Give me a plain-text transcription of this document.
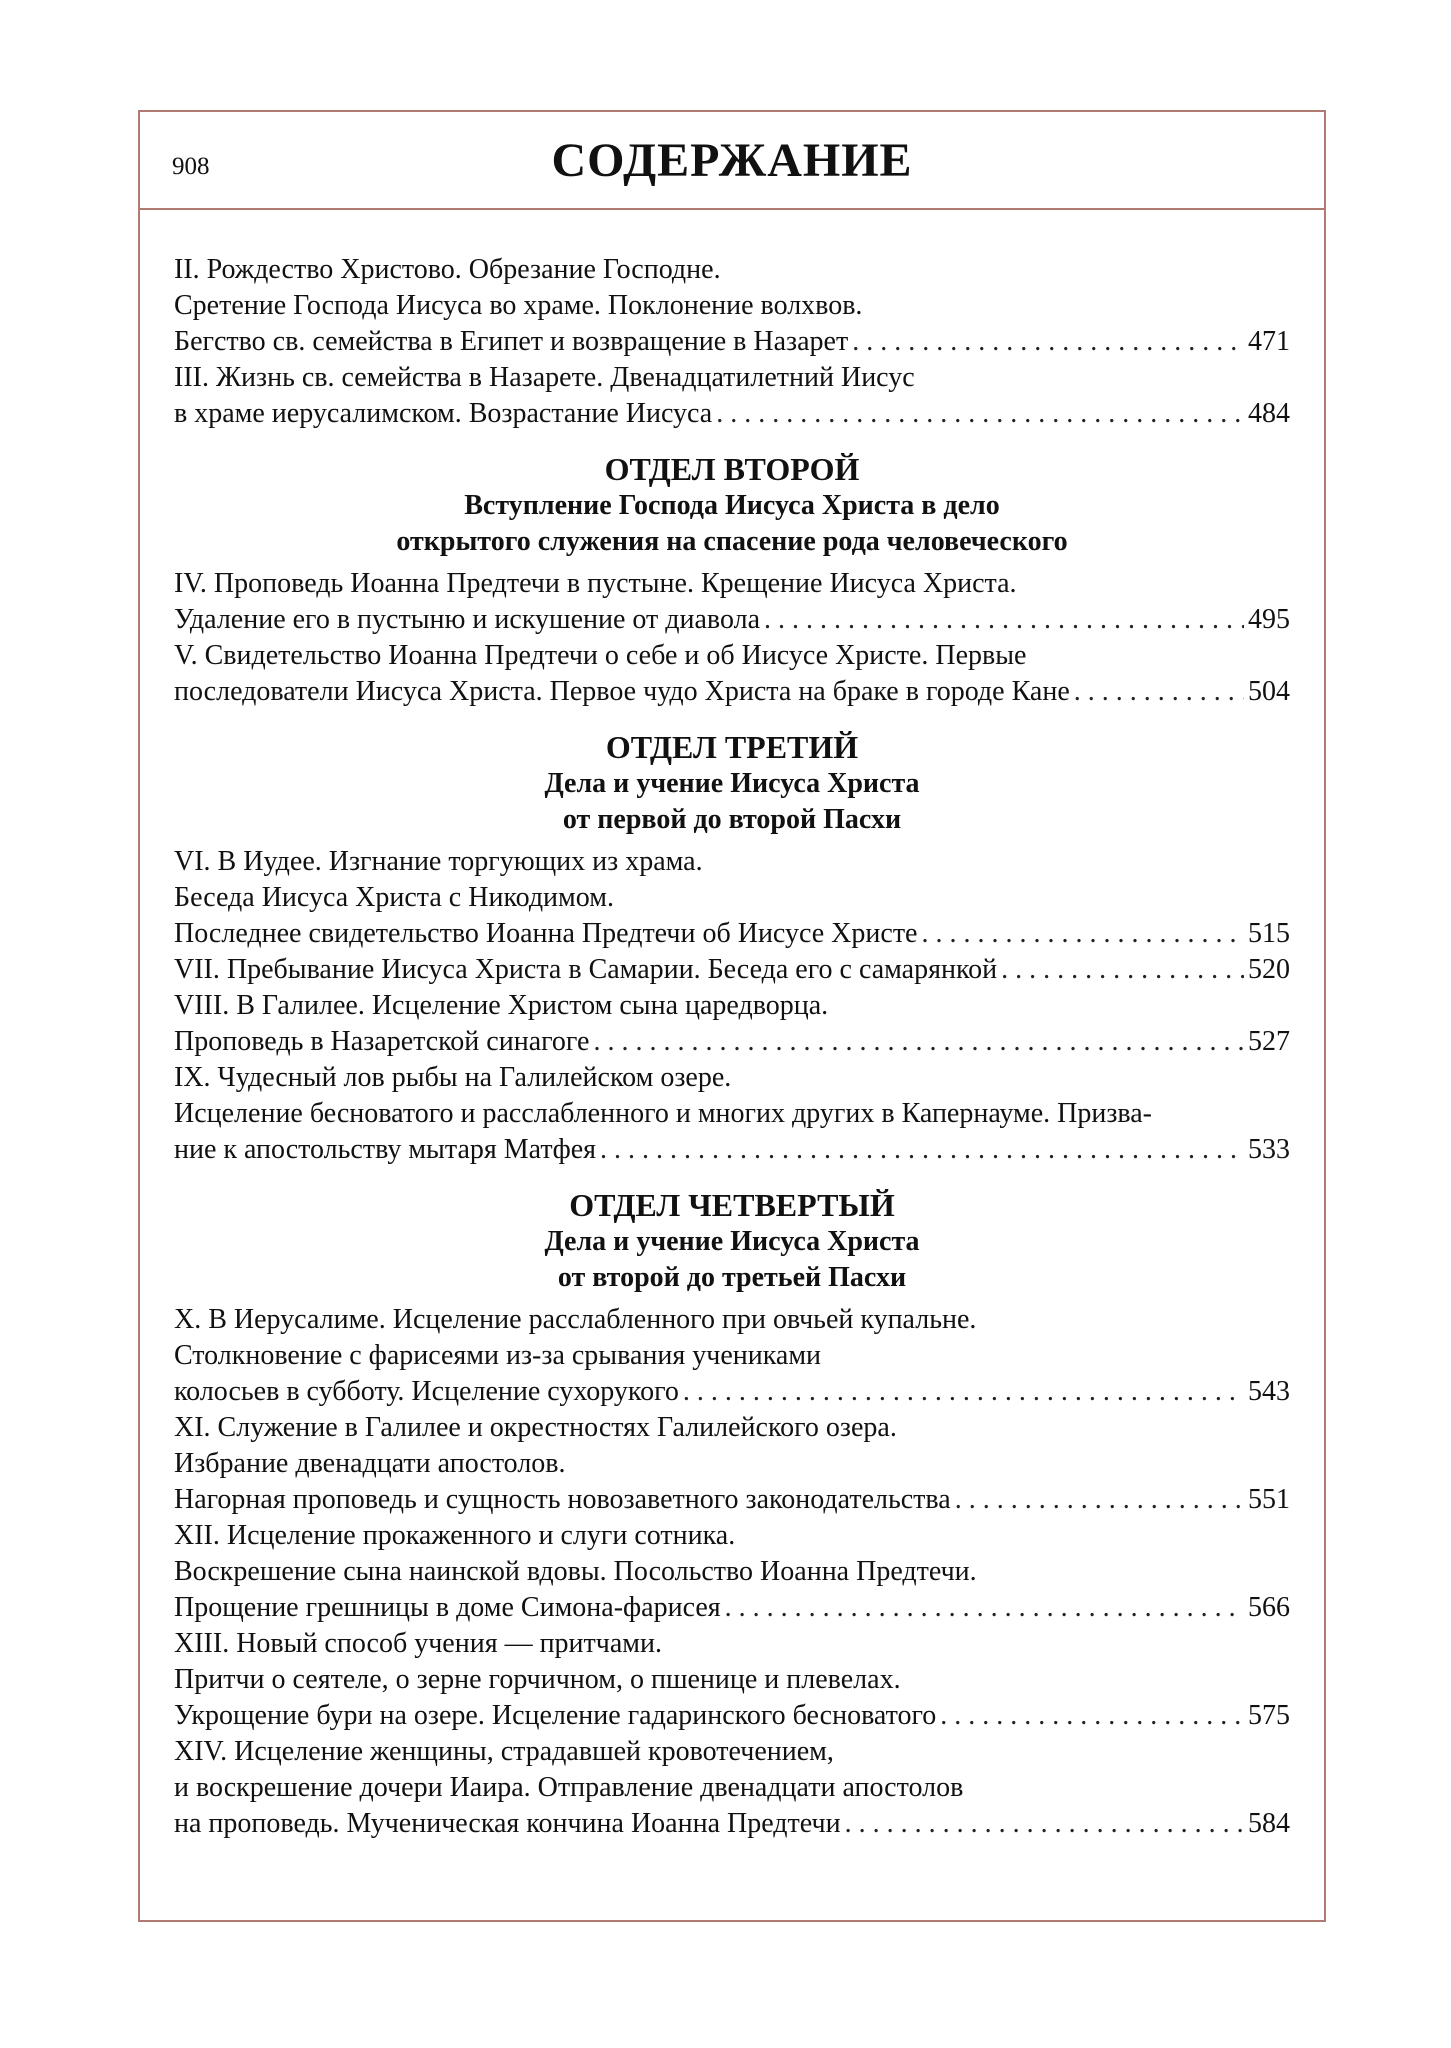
908	СОДЕРЖАНИЕ
II. Рождество Христово. Обрезание Господне.
Сретение Господа Иисуса во храме. Поклонение волхвов.
Бегство св. семейства в Египет и возвращение в Назарет . . .	471
III. Жизнь св. семейства в Назарете. Двенадцатилетний Иисус
в храме иерусалимском. Возрастание Иисуса . . .	484
ОТДЕЛ ВТОРОЙ
Вступление Господа Иисуса Христа в дело
открытого служения на спасение рода человеческого
IV. Проповедь Иоанна Предтечи в пустыне. Крещение Иисуса Христа.
Удаление его в пустыню и искушение от диавола . . .	495
V. Свидетельство Иоанна Предтечи о себе и об Иисусе Христе. Первые
последователи Иисуса Христа. Первое чудо Христа на браке в городе Кане . . .	504
ОТДЕЛ ТРЕТИЙ
Дела и учение Иисуса Христа
от первой до второй Пасхи
VI. В Иудее. Изгнание торгующих из храма.
Беседа Иисуса Христа с Никодимом.
Последнее свидетельство Иоанна Предтечи об Иисусе Христе . . .	515
VII. Пребывание Иисуса Христа в Самарии. Беседа его с самарянкой . . .	520
VIII. В Галилее. Исцеление Христом сына царедворца.
Проповедь в Назаретской синагоге . . .	527
IX. Чудесный лов рыбы на Галилейском озере.
Исцеление бесноватого и расслабленного и многих других в Капернауме. Призва-
ние к апостольству мытаря Матфея . . .	533
ОТДЕЛ ЧЕТВЕРТЫЙ
Дела и учение Иисуса Христа
от второй до третьей Пасхи
X. В Иерусалиме. Исцеление расслабленного при овчьей купальне.
Столкновение с фарисеями из-за срывания учениками
колосьев в субботу. Исцеление сухорукого . . .	543
XI. Служение в Галилее и окрестностях Галилейского озера.
Избрание двенадцати апостолов.
Нагорная проповедь и сущность новозаветного законодательства . . .	551
XII. Исцеление прокаженного и слуги сотника.
Воскрешение сына наинской вдовы. Посольство Иоанна Предтечи.
Прощение грешницы в доме Симона-фарисея . . .	566
XIII. Новый способ учения — притчами.
Притчи о сеятеле, о зерне горчичном, о пшенице и плевелах.
Укрощение бури на озере. Исцеление гадаринского бесноватого . . .	575
XIV. Исцеление женщины, страдавшей кровотечением,
и воскрешение дочери Иаира. Отправление двенадцати апостолов
на проповедь. Мученическая кончина Иоанна Предтечи . . .	584
